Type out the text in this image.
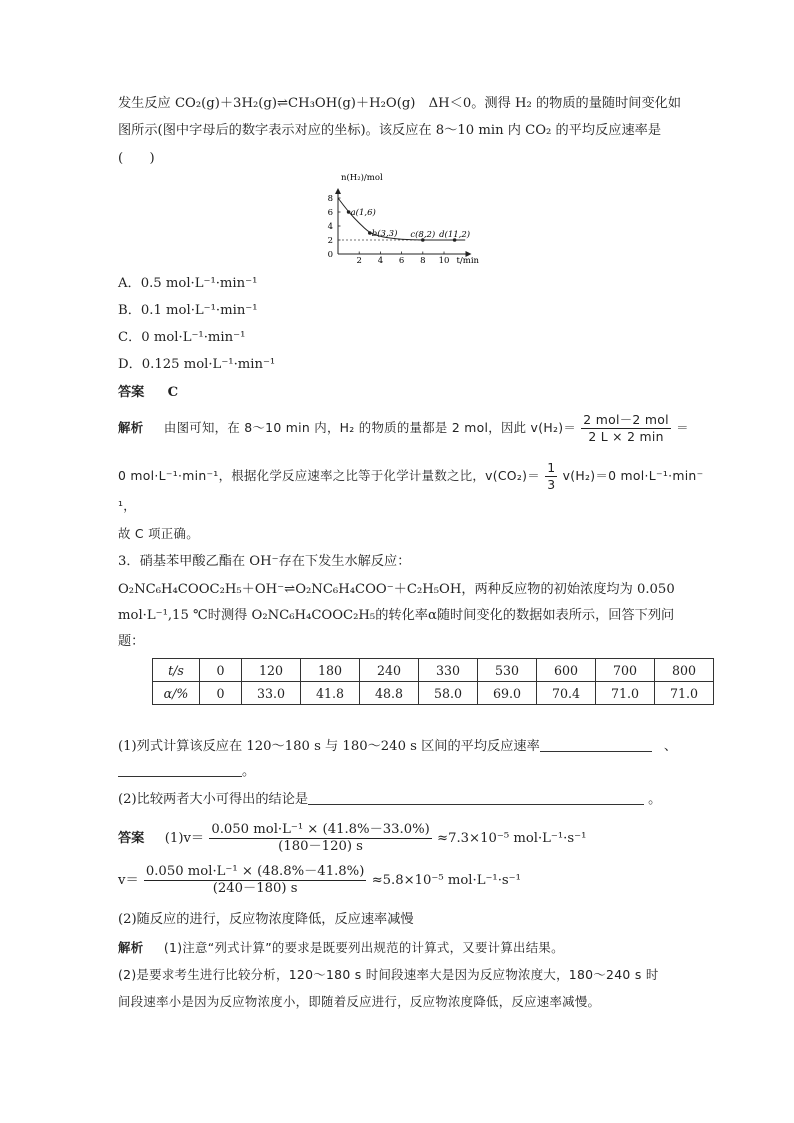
发生反应 CO₂(g)＋3H₂(g)⇌CH₃OH(g)＋H₂O(g)　ΔH＜0。测得 H₂ 的物质的量随时间变化如
图所示(图中字母后的数字表示对应的坐标)。该反应在 8～10 min 内 CO₂ 的平均反应速率是
(　　)
n(H₂)/mol
t/min
2 4 6 8 10
0
2
4
6
8
a(1,6)
b(3,3) c(8,2) d(11,2)
A．0.5 mol·L⁻¹·min⁻¹
B．0.1 mol·L⁻¹·min⁻¹
C．0 mol·L⁻¹·min⁻¹
D．0.125 mol·L⁻¹·min⁻¹
答案 C
解析 由图可知，在 8～10 min 内，H₂ 的物质的量都是 2 mol，因此 $v(H_2)= \frac{\text{2 mol－2 mol}}{2 L \times 2 \min}$ ＝
0 mol·L⁻¹·min⁻¹，根据化学反应速率之比等于化学计量数之比，$v(CO_2)= \frac{1}{3} v(H_2)=0$ mol·L⁻¹·min⁻
¹，
故 C 项正确。
3．硝基苯甲酸乙酯在 OH⁻存在下发生水解反应：
O₂NC₆H₄COOC₂H₅＋OH⁻⇌O₂NC₆H₄COO⁻＋C₂H₅OH，两种反应物的初始浓度均为 0.050
mol·L⁻¹,15 ℃时测得 O₂NC₆H₄COOC₂H₅的转化率α随时间变化的数据如表所示，回答下列问
题：
t/s	0	120	180	240	330	530	600	700	800
α/%	0	33.0	41.8	48.8	58.0	69.0	70.4	71.0	71.0
(1)列式计算该反应在 120～180 s 与 180～240 s 区间的平均反应速率	、
。
(2)比较两者大小可得出的结论是	。
答案 $(1)v= \frac{\text{0.050 mol·L⁻¹ × (41.8\%－33.0\%)}}{(180-120) s} \approx 7.3\times 10^{-5}$ mol·L⁻¹·s⁻¹
$v= \frac{\text{0.050 mol·L⁻¹ × (48.8\%－41.8\%)}}{(240-180) s} \approx 5.8\times 10^{-5}$ mol·L⁻¹·s⁻¹
(2)随反应的进行，反应物浓度降低，反应速率减慢
解析 (1)注意“列式计算”的要求是既要列出规范的计算式，又要计算出结果。
(2)是要求考生进行比较分析，120～180 s 时间段速率大是因为反应物浓度大，180～240 s 时
间段速率小是因为反应物浓度小，即随着反应进行，反应物浓度降低，反应速率减慢。
